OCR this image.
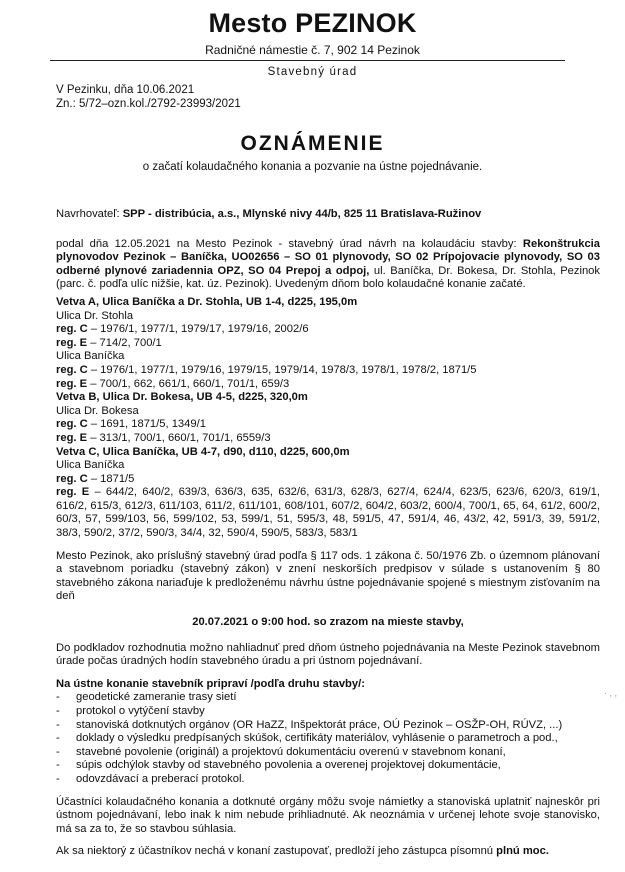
Mesto PEZINOK
Radničné námestie č. 7, 902 14 Pezinok
Stavebný úrad
V Pezinku, dňa 10.06.2021
Zn.: 5/72–ozn.kol./2792-23993/2021
OZNÁMENIE
o začatí kolaudačného konania a pozvanie na ústne pojednávanie.

Navrhovateľ: SPP - distribúcia, a.s., Mlynské nivy 44/b, 825 11 Bratislava-Ružinov

podal dňa 12.05.2021 na Mesto Pezinok - stavebný úrad návrh na kolaudáciu stavby: Rekonštrukcia plynovodov Pezinok – Baníčka, UO02656 – SO 01 plynovody, SO 02 Prípojovacie plynovody, SO 03 odberné plynové zariadennia OPZ, SO 04 Prepoj a odpoj, ul. Baníčka, Dr. Bokesa, Dr. Stohla, Pezinok (parc. č. podľa ulíc nižšie, kat. úz. Pezinok). Uvedeným dňom bolo kolaudačné konanie začaté.

Vetva A, Ulica Baníčka a Dr. Stohla, UB 1-4, d225, 195,0m

Ulica Dr. Stohla

reg. C – 1976/1, 1977/1, 1979/17, 1979/16, 2002/6

reg. E – 714/2, 700/1

Ulica Baníčka

reg. C – 1976/1, 1977/1, 1979/16, 1979/15, 1979/14, 1978/3, 1978/1, 1978/2, 1871/5

reg. E – 700/1, 662, 661/1, 660/1, 701/1, 659/3

Vetva B, Ulica Dr. Bokesa, UB 4-5, d225, 320,0m

Ulica Dr. Bokesa

reg. C – 1691, 1871/5, 1349/1

reg. E – 313/1, 700/1, 660/1, 701/1, 6559/3

Vetva C, Ulica Baníčka, UB 4-7, d90, d110, d225, 600,0m

Ulica Baníčka

reg. C – 1871/5

reg. E – 644/2, 640/2, 639/3, 636/3, 635, 632/6, 631/3, 628/3, 627/4, 624/4, 623/5, 623/6, 620/3, 619/1, 616/2, 615/3, 612/3, 611/103, 611/2, 611/101, 608/101, 607/2, 604/2, 603/2, 600/4, 700/1, 65, 64, 61/2, 600/2, 60/3, 57, 599/103, 56, 599/102, 53, 599/1, 51, 595/3, 48, 591/5, 47, 591/4, 46, 43/2, 42, 591/3, 39, 591/2, 38/3, 590/2, 37/2, 590/3, 34/4, 32, 590/4, 590/5, 583/3, 583/1

Mesto Pezinok, ako príslušný stavebný úrad podľa § 117 ods. 1 zákona č. 50/1976 Zb. o územnom plánovaní a stavebnom poriadku (stavebný zákon) v znení neskorších predpisov v súlade s ustanovením § 80 stavebného zákona nariaďuje k predloženému návrhu ústne pojednávanie spojené s miestnym zisťovaním na deň

20.07.2021 o 9:00 hod. so zrazom na mieste stavby,

Do podkladov rozhodnutia možno nahliadnuť pred dňom ústneho pojednávania na Meste Pezinok stavebnom úrade počas úradných hodín stavebného úradu a pri ústnom pojednávaní.

Na ústne konanie stavebník pripraví /podľa druhu stavby/:

- geodetické zameranie trasy sietí
- protokol o vytýčení stavby
- stanoviská dotknutých orgánov (OR HaZZ, Inšpektorát práce, OÚ Pezinok – OSŽP-OH, RÚVZ, ...)
- doklady o výsledku predpísaných skúšok, certifikáty materiálov, vyhlásenie o parametroch a pod.,
- stavebné povolenie (originál) a projektovú dokumentáciu overenú v stavebnom konaní,
- súpis odchýlok stavby od stavebného povolenia a overenej projektovej dokumentácie,
- odovzdávací a preberací protokol.

Účastníci kolaudačného konania a dotknuté orgány môžu svoje námietky a stanoviská uplatniť najneskôr pri ústnom pojednávaní, lebo inak k nim nebude prihliadnuté. Ak neoznámia v určenej lehote svoje stanovisko, má sa za to, že so stavbou súhlasia.

Ak sa niektorý z účastníkov nechá v konaní zastupovať, predloží jeho zástupca písomnú plnú moc.

· , ,
